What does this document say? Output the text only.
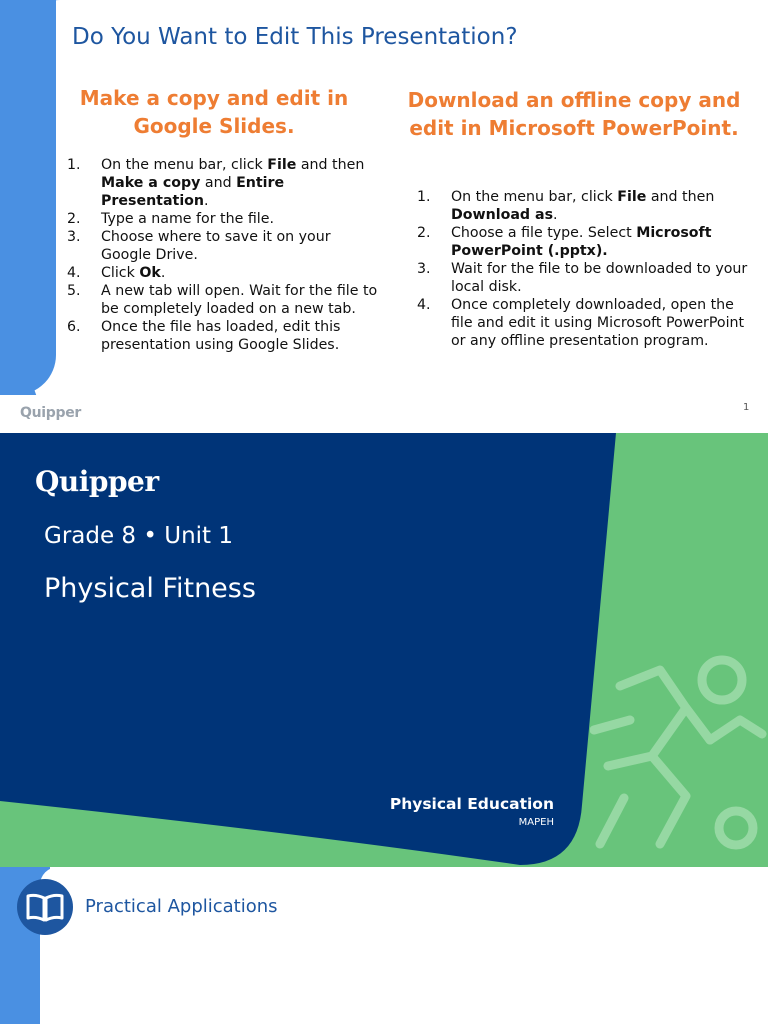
Do You Want to Edit This Presentation?
Make a copy and edit in Google Slides.
1. On the menu bar, click File and then Make a copy and Entire Presentation.
2. Type a name for the file.
3. Choose where to save it on your Google Drive.
4. Click Ok.
5. A new tab will open. Wait for the file to be completely loaded on a new tab.
6. Once the file has loaded, edit this presentation using Google Slides.
Download an offline copy and edit in Microsoft PowerPoint.
1. On the menu bar, click File and then Download as.
2. Choose a file type. Select Microsoft PowerPoint (.pptx).
3. Wait for the file to be downloaded to your local disk.
4. Once completely downloaded, open the file and edit it using Microsoft PowerPoint or any offline presentation program.
Quipper	1
Quipper
Grade 8 • Unit 1
Physical Fitness
Physical Education
MAPEH
Practical Applications
